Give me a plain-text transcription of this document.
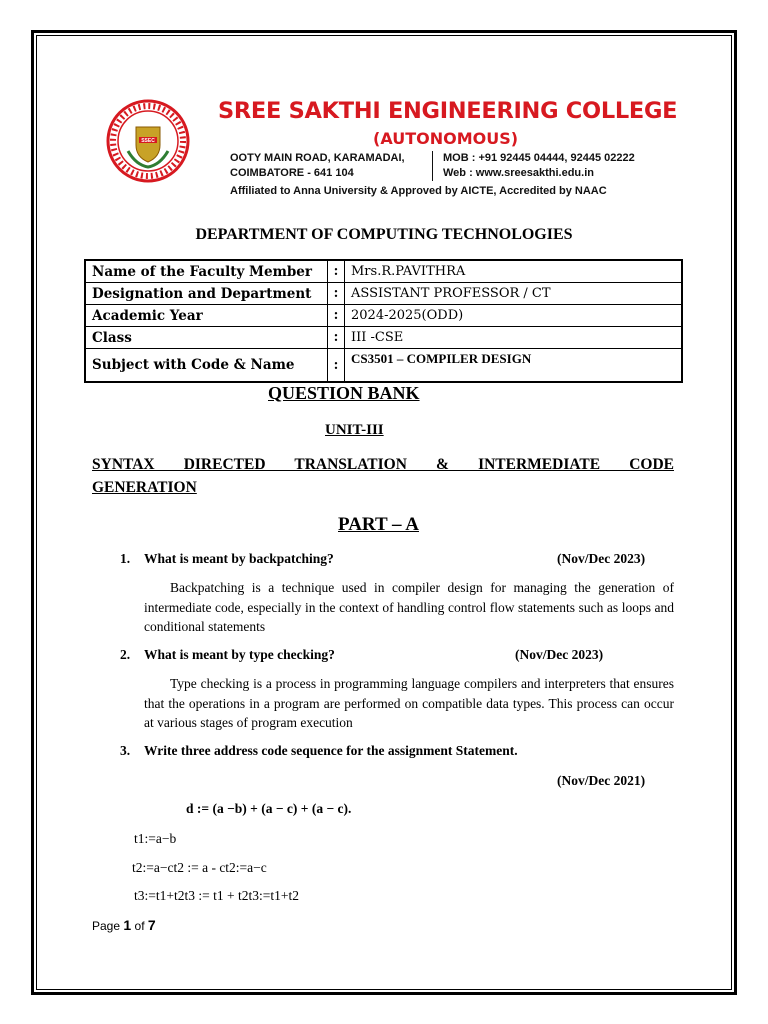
SSEC
SREE SAKTHI ENGINEERING COLLEGE
(AUTONOMOUS)
OOTY MAIN ROAD, KARAMADAI,
COIMBATORE - 641 104
MOB : +91 92445 04444, 92445 02222
Web : www.sreesakthi.edu.in
Affiliated to Anna University & Approved by AICTE, Accredited by NAAC
DEPARTMENT OF COMPUTING TECHNOLOGIES
Name of the Faculty Member	:	Mrs.R.PAVITHRA
Designation and Department	:	ASSISTANT PROFESSOR / CT
Academic Year	:	2024-2025(ODD)
Class	:	III -CSE
Subject with Code & Name	:	CS3501 – COMPILER DESIGN
QUESTION BANK
UNIT-III
SYNTAX DIRECTED TRANSLATION & INTERMEDIATE CODE
GENERATION
PART – A
1. What is meant by backpatching?	(Nov/Dec 2023)
Backpatching is a technique used in compiler design for managing the generation of intermediate code, especially in the context of handling control flow statements such as loops and conditional statements
2. What is meant by type checking?	(Nov/Dec 2023)
Type checking is a process in programming language compilers and interpreters that ensures that the operations in a program are performed on compatible data types. This process can occur at various stages of program execution
3. Write three address code sequence for the assignment Statement.
(Nov/Dec 2021)
d := (a −b) + (a − c) + (a − c).
t1:=a−b
t2:=a−ct2 := a - ct2:=a−c
t3:=t1+t2t3 := t1 + t2t3:=t1+t2
Page 1 of 7
